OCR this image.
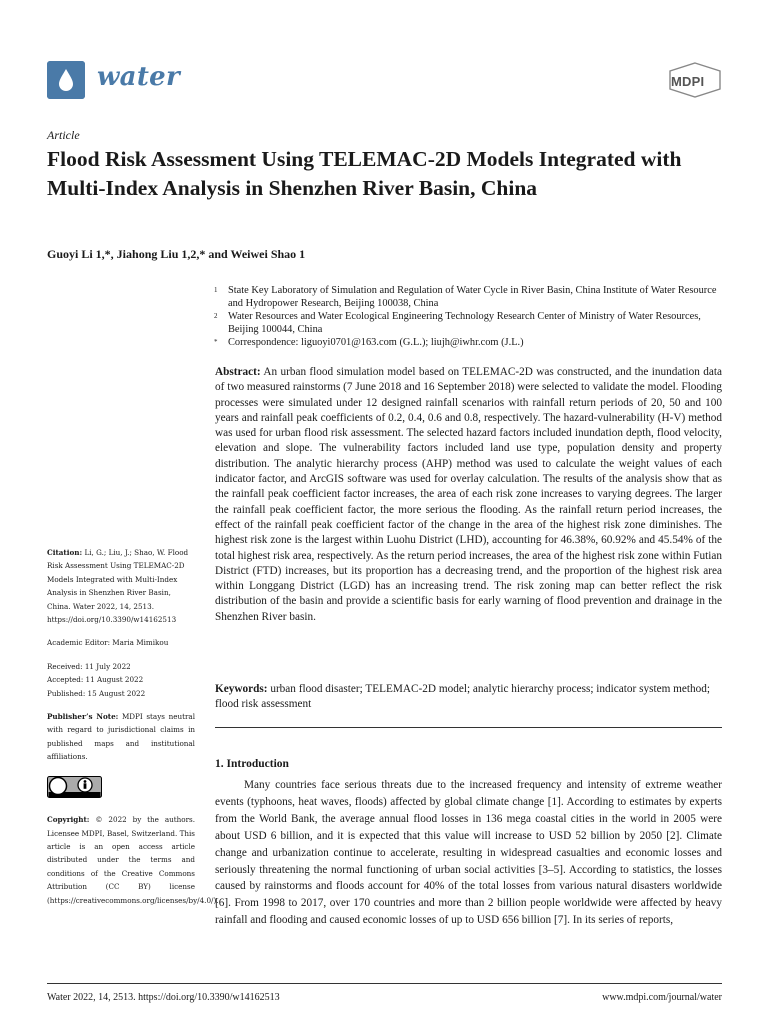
water	MDPI
Article
Flood Risk Assessment Using TELEMAC-2D Models Integrated with Multi-Index Analysis in Shenzhen River Basin, China
Guoyi Li 1,*, Jiahong Liu 1,2,* and Weiwei Shao 1
1 State Key Laboratory of Simulation and Regulation of Water Cycle in River Basin, China Institute of Water Resource and Hydropower Research, Beijing 100038, China
2 Water Resources and Water Ecological Engineering Technology Research Center of Ministry of Water Resources, Beijing 100044, China
* Correspondence: liguoyi0701@163.com (G.L.); liujh@iwhr.com (J.L.)

Abstract: An urban flood simulation model based on TELEMAC-2D was constructed, and the inundation data of two measured rainstorms (7 June 2018 and 16 September 2018) were selected to validate the model. Flooding processes were simulated under 12 designed rainfall scenarios with rainfall return periods of 20, 50 and 100 years and rainfall peak coefficients of 0.2, 0.4, 0.6 and 0.8, respectively. The hazard-vulnerability (H-V) method was used for urban flood risk assessment. The selected hazard factors included inundation depth, flood velocity, elevation and slope. The vulnerability factors included land use type, population density and property distribution. The analytic hierarchy process (AHP) method was used to calculate the weight values of each indicator factor, and ArcGIS software was used for overlay calculation. The results of the analysis show that as the rainfall peak coefficient factor increases, the area of each risk zone increases to varying degrees. The larger the rainfall peak coefficient factor, the more serious the flooding. As the rainfall return period increases, the effect of the rainfall peak coefficient factor of the change in the area of the highest risk zone diminishes. The highest risk zone is the largest within Luohu District (LHD), accounting for 46.38%, 60.92% and 45.54% of the total highest risk area, respectively. As the return period increases, the area of the highest risk zone within Futian District (FTD) increases, but its proportion has a decreasing trend, and the proportion of the highest risk area within Longgang District (LGD) has an increasing trend. The risk zoning map can better reflect the risk distribution of the basin and provide a scientific basis for early warning of flood prevention and drainage in the Shenzhen River basin.

Keywords: urban flood disaster; TELEMAC-2D model; analytic hierarchy process; indicator system method; flood risk assessment

1. Introduction

Many countries face serious threats due to the increased frequency and intensity of extreme weather events (typhoons, heat waves, floods) affected by global climate change [1]. According to estimates by experts from the World Bank, the average annual flood losses in 136 mega coastal cities in the world in 2005 were about USD 6 billion, and it is expected that this value will increase to USD 52 billion by 2050 [2]. Climate change and urbanization continue to accelerate, resulting in widespread casualties and economic losses and seriously threatening the normal functioning of urban social activities [3–5]. According to statistics, the losses caused by rainstorms and floods account for 40% of the total losses from various natural disasters worldwide [6]. From 1998 to 2017, over 170 countries and more than 2 billion people worldwide were affected by heavy rainfall and flooding and caused economic losses of up to USD 656 billion [7]. In its series of reports,

Citation: Li, G.; Liu, J.; Shao, W. Flood Risk Assessment Using TELEMAC-2D Models Integrated with Multi-Index Analysis in Shenzhen River Basin, China. Water 2022, 14, 2513. https://doi.org/10.3390/w14162513
Academic Editor: Maria Mimikou
Received: 11 July 2022
Accepted: 11 August 2022
Published: 15 August 2022
Publisher’s Note: MDPI stays neutral with regard to jurisdictional claims in published maps and institutional affiliations.
Copyright: © 2022 by the authors. Licensee MDPI, Basel, Switzerland. This article is an open access article distributed under the terms and conditions of the Creative Commons Attribution (CC BY) license (https://creativecommons.org/licenses/by/4.0/).
Water 2022, 14, 2513. https://doi.org/10.3390/w14162513	www.mdpi.com/journal/water
